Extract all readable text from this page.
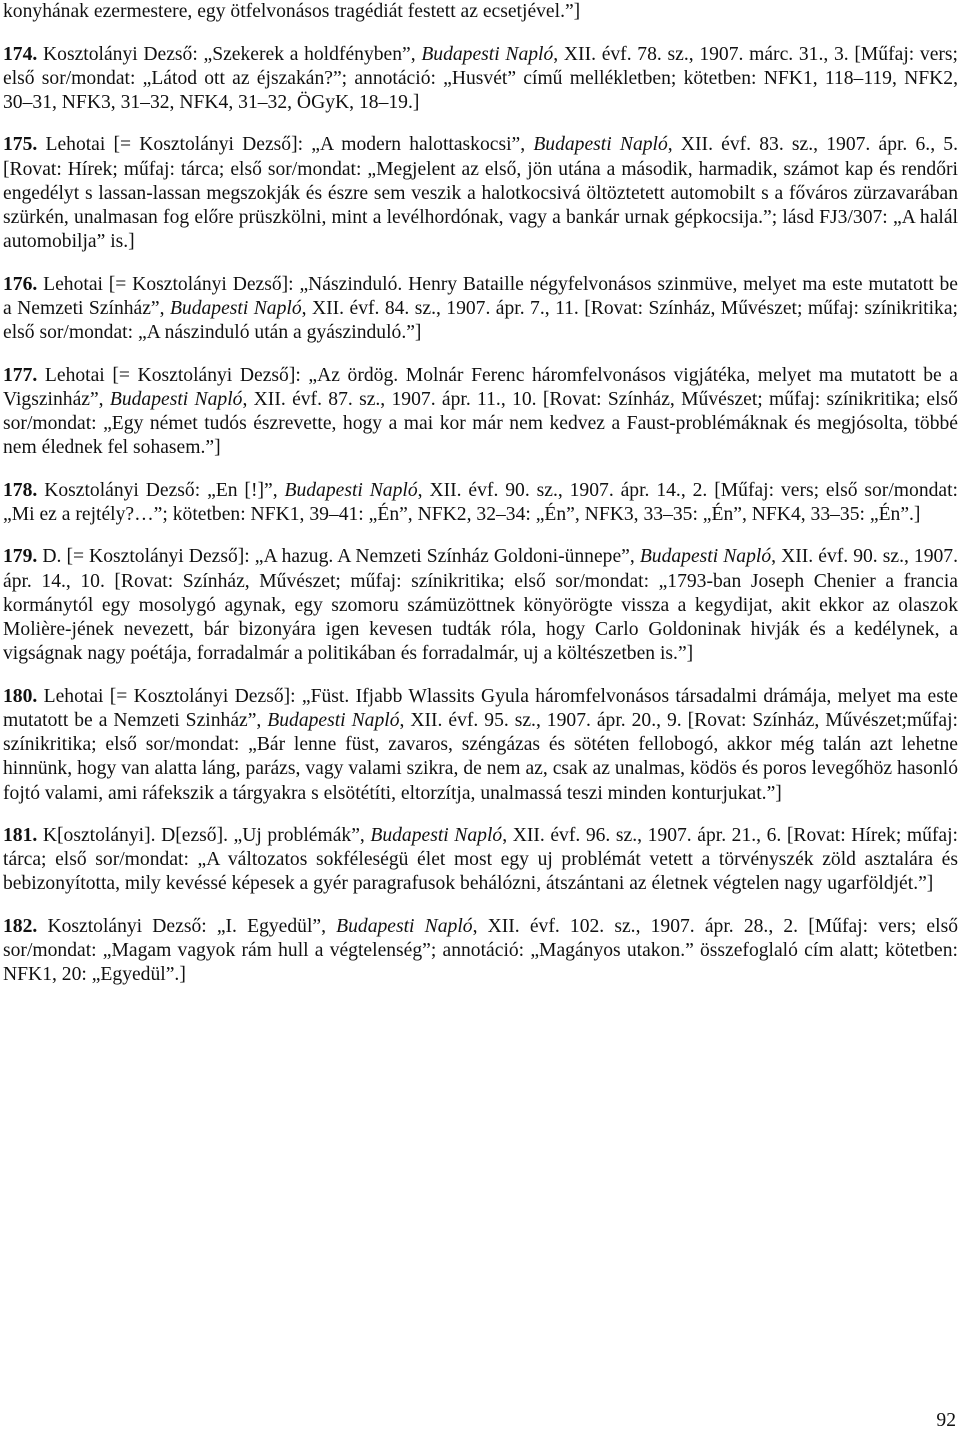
konyhának ezermestere, egy ötfelvonásos tragédiát festett az ecsetjével.”]

174. Kosztolányi Dezső: „Szekerek a holdfényben”, Budapesti Napló, XII. évf. 78. sz., 1907. márc. 31., 3. [Műfaj: vers; első sor/mondat: „Látod ott az éjszakán?”; annotáció: „Husvét” című mellékletben; kötetben: NFK1, 118–119, NFK2, 30–31, NFK3, 31–32, NFK4, 31–32, ÖGyK, 18–19.]

175. Lehotai [= Kosztolányi Dezső]: „A modern halottaskocsi”, Budapesti Napló, XII. évf. 83. sz., 1907. ápr. 6., 5. [Rovat: Hírek; műfaj: tárca; első sor/mondat: „Megjelent az első, jön utána a második, harmadik, számot kap és rendőri engedélyt s lassan-lassan megszokják és észre sem veszik a halotkocsivá öltöztetett automobilt s a főváros zürzavarában szürkén, unalmasan fog előre prüszkölni, mint a levélhordónak, vagy a bankár urnak gépkocsija.”; lásd FJ3/307: „A halál automobilja” is.]

176. Lehotai [= Kosztolányi Dezső]: „Nászinduló. Henry Bataille négyfelvonásos szinmüve, melyet ma este mutatott be a Nemzeti Színház”, Budapesti Napló, XII. évf. 84. sz., 1907. ápr. 7., 11. [Rovat: Színház, Művészet; műfaj: színikritika; első sor/mondat: „A nászinduló után a gyászinduló.”]

177. Lehotai [= Kosztolányi Dezső]: „Az ördög. Molnár Ferenc háromfelvonásos vigjátéka, melyet ma mutatott be a Vigszinház”, Budapesti Napló, XII. évf. 87. sz., 1907. ápr. 11., 10. [Rovat: Színház, Művészet; műfaj: színikritika; első sor/mondat: „Egy német tudós észrevette, hogy a mai kor már nem kedvez a Faust-problémáknak és megjósolta, többé nem élednek fel sohasem.”]

178. Kosztolányi Dezső: „En [!]”, Budapesti Napló, XII. évf. 90. sz., 1907. ápr. 14., 2. [Műfaj: vers; első sor/mondat: „Mi ez a rejtély?…”; kötetben: NFK1, 39–41: „Én”, NFK2, 32–34: „Én”, NFK3, 33–35: „Én”, NFK4, 33–35: „Én”.]

179. D. [= Kosztolányi Dezső]: „A hazug. A Nemzeti Színház Goldoni-ünnepe”, Budapesti Napló, XII. évf. 90. sz., 1907. ápr. 14., 10. [Rovat: Színház, Művészet; műfaj: színikritika; első sor/mondat: „1793-ban Joseph Chenier a francia kormánytól egy mosolygó agynak, egy szomoru számüzöttnek könyörögte vissza a kegydijat, akit ekkor az olaszok Molière-jének nevezett, bár bizonyára igen kevesen tudták róla, hogy Carlo Goldoninak hivják és a kedélynek, a vigságnak nagy poétája, forradalmár a politikában és forradalmár, uj a költészetben is.”]

180. Lehotai [= Kosztolányi Dezső]: „Füst. Ifjabb Wlassits Gyula háromfelvonásos társadalmi drámája, melyet ma este mutatott be a Nemzeti Szinház”, Budapesti Napló, XII. évf. 95. sz., 1907. ápr. 20., 9. [Rovat: Színház, Művészet;műfaj: színikritika; első sor/mondat: „Bár lenne füst, zavaros, széngázas és sötéten fellobogó, akkor még talán azt lehetne hinnünk, hogy van alatta láng, parázs, vagy valami szikra, de nem az, csak az unalmas, ködös és poros levegőhöz hasonló fojtó valami, ami ráfekszik a tárgyakra s elsötétíti, eltorzítja, unalmassá teszi minden konturjukat.”]

181. K[osztolányi]. D[ezső]. „Uj problémák”, Budapesti Napló, XII. évf. 96. sz., 1907. ápr. 21., 6. [Rovat: Hírek; műfaj: tárca; első sor/mondat: „A változatos sokféleségü élet most egy uj problémát vetett a törvényszék zöld asztalára és bebizonyította, mily kevéssé képesek a gyér paragrafusok behálózni, átszántani az életnek végtelen nagy ugarföldjét.”]

182. Kosztolányi Dezső: „I. Egyedül”, Budapesti Napló, XII. évf. 102. sz., 1907. ápr. 28., 2. [Műfaj: vers; első sor/mondat: „Magam vagyok rám hull a végtelenség”; annotáció: „Magányos utakon.” összefoglaló cím alatt; kötetben: NFK1, 20: „Egyedül”.]

92
